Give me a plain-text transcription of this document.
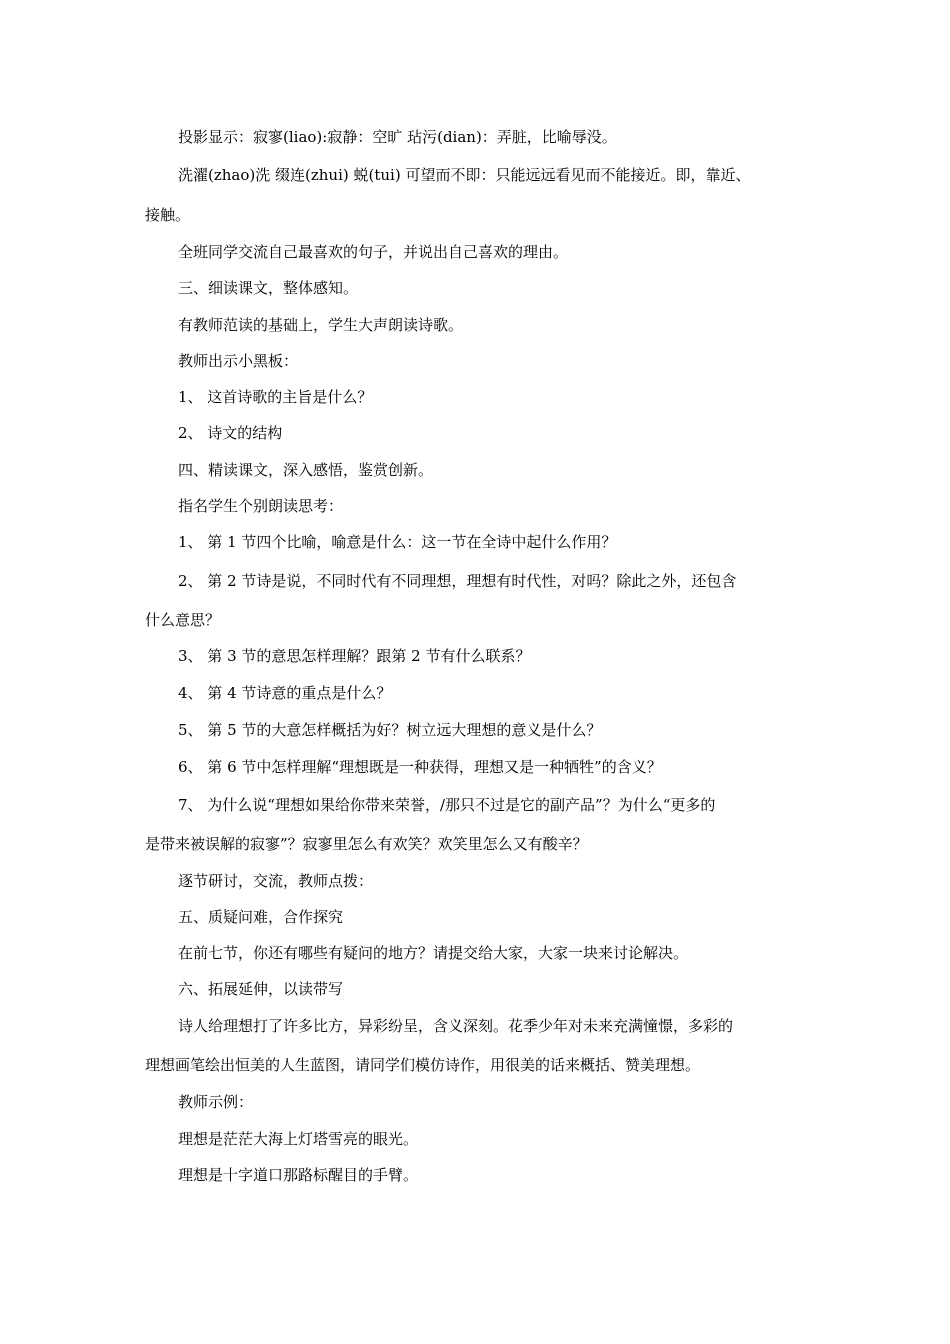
投影显示：寂寥(liao):寂静：空旷 玷污(dian)：弄脏，比喻辱没。
洗濯(zhao)洗 缀连(zhui) 蜕(tui) 可望而不即：只能远远看见而不能接近。即，靠近、
接触。
全班同学交流自己最喜欢的句子，并说出自己喜欢的理由。
三、细读课文，整体感知。
有教师范读的基础上，学生大声朗读诗歌。
教师出示小黑板：
1、 这首诗歌的主旨是什么？
2、 诗文的结构
四、精读课文，深入感悟，鉴赏创新。
指名学生个别朗读思考：
1、 第 1 节四个比喻，喻意是什么：这一节在全诗中起什么作用？
2、 第 2 节诗是说，不同时代有不同理想，理想有时代性，对吗？除此之外，还包含
什么意思？
3、 第 3 节的意思怎样理解？跟第 2 节有什么联系？
4、 第 4 节诗意的重点是什么？
5、 第 5 节的大意怎样概括为好？树立远大理想的意义是什么？
6、 第 6 节中怎样理解“理想既是一种获得，理想又是一种牺牲”的含义？
7、 为什么说“理想如果给你带来荣誉，/那只不过是它的副产品”？为什么“更多的
是带来被误解的寂寥”？寂寥里怎么有欢笑？欢笑里怎么又有酸辛？
逐节研讨，交流，教师点拨：
五、质疑问难，合作探究
在前七节，你还有哪些有疑问的地方？请提交给大家，大家一块来讨论解决。
六、拓展延伸，以读带写
诗人给理想打了许多比方，异彩纷呈，含义深刻。花季少年对未来充满憧憬，多彩的
理想画笔绘出恒美的人生蓝图，请同学们模仿诗作，用很美的话来概括、赞美理想。
教师示例：
理想是茫茫大海上灯塔雪亮的眼光。
理想是十字道口那路标醒目的手臂。
